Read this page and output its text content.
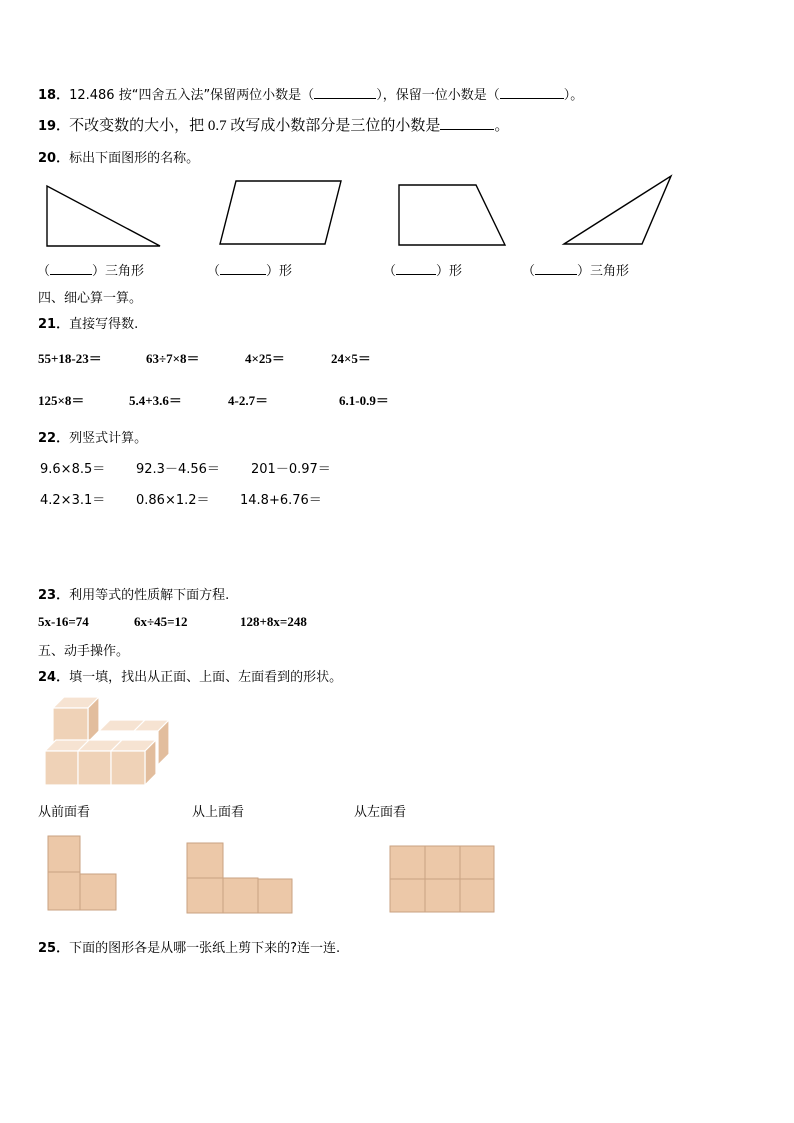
18．12.486 按“四舍五入法”保留两位小数是（	），保留一位小数是（	）。
19．不改变数的大小，把 0.7 改写成小数部分是三位的小数是	。
20．标出下面图形的名称。
（	）三角形	（	）形	（	）形	（	）三角形
四、细心算一算。
21．直接写得数.
55+18-23＝	63÷7×8＝	4×25＝	24×5＝
125×8＝	5.4+3.6＝	4-2.7＝	6.1-0.9＝
22．列竖式计算。
9.6×8.5＝ 92.3－4.56＝ 201－0.97＝
4.2×3.1＝ 0.86×1.2＝ 14.8+6.76＝
23．利用等式的性质解下面方程.
5x-16=74	6x÷45=12	128+8x=248
五、动手操作。
24．填一填，找出从正面、上面、左面看到的形状。
从前面看	从上面看	从左面看
25．下面的图形各是从哪一张纸上剪下来的?连一连.
